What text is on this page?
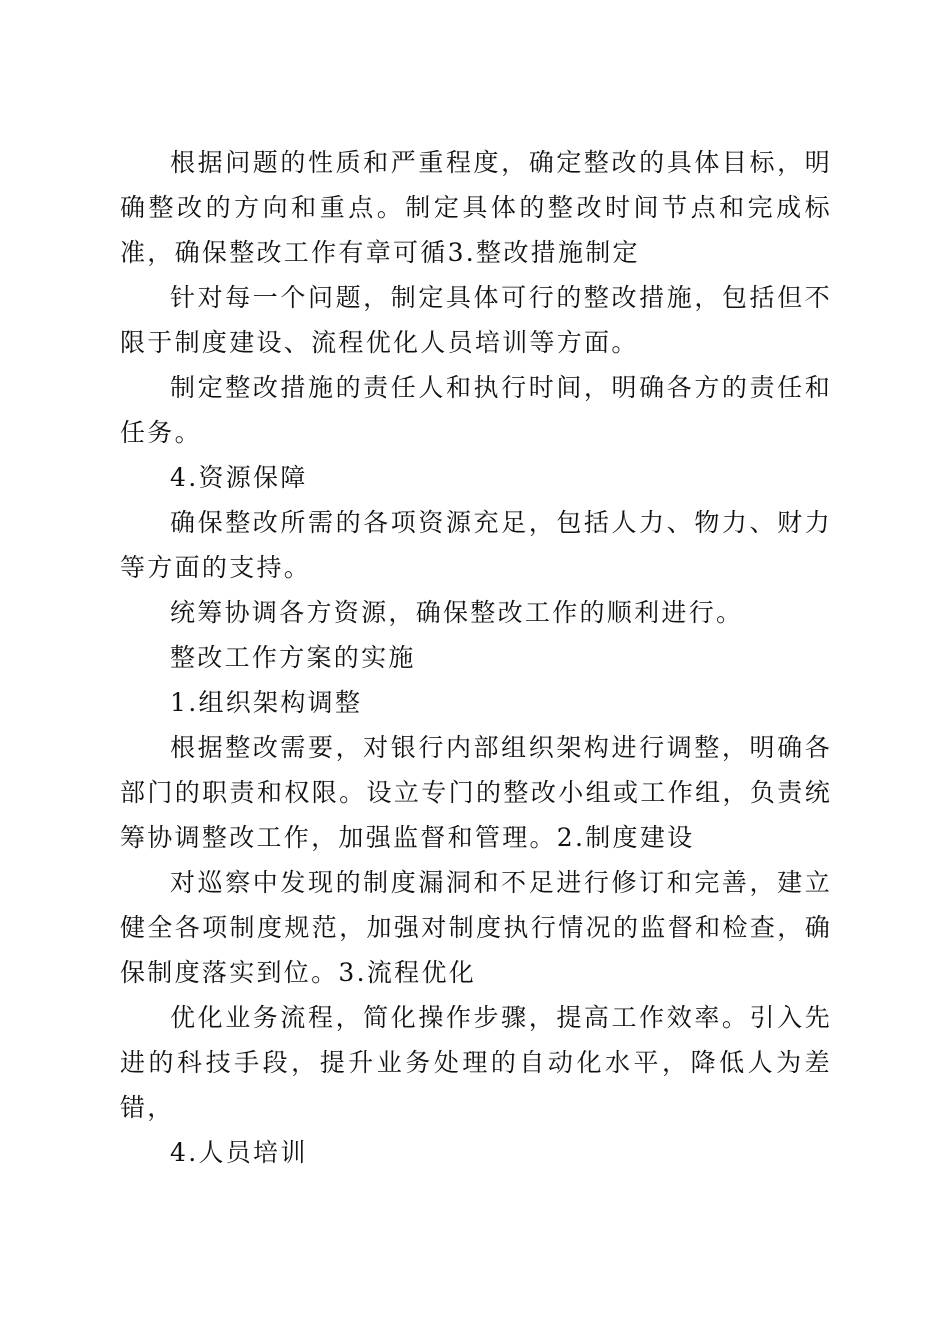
根据问题的性质和严重程度，确定整改的具体目标，明确整改的方向和重点。制定具体的整改时间节点和完成标准，确保整改工作有章可循3.整改措施制定

针对每一个问题，制定具体可行的整改措施，包括但不限于制度建设、流程优化人员培训等方面。

制定整改措施的责任人和执行时间，明确各方的责任和任务。

4.资源保障

确保整改所需的各项资源充足，包括人力、物力、财力等方面的支持。

统筹协调各方资源，确保整改工作的顺利进行。

整改工作方案的实施

1.组织架构调整

根据整改需要，对银行内部组织架构进行调整，明确各部门的职责和权限。设立专门的整改小组或工作组，负责统筹协调整改工作，加强监督和管理。2.制度建设

对巡察中发现的制度漏洞和不足进行修订和完善，建立健全各项制度规范，加强对制度执行情况的监督和检查，确保制度落实到位。3.流程优化

优化业务流程，简化操作步骤，提高工作效率。引入先进的科技手段，提升业务处理的自动化水平，降低人为差错，

4.人员培训
